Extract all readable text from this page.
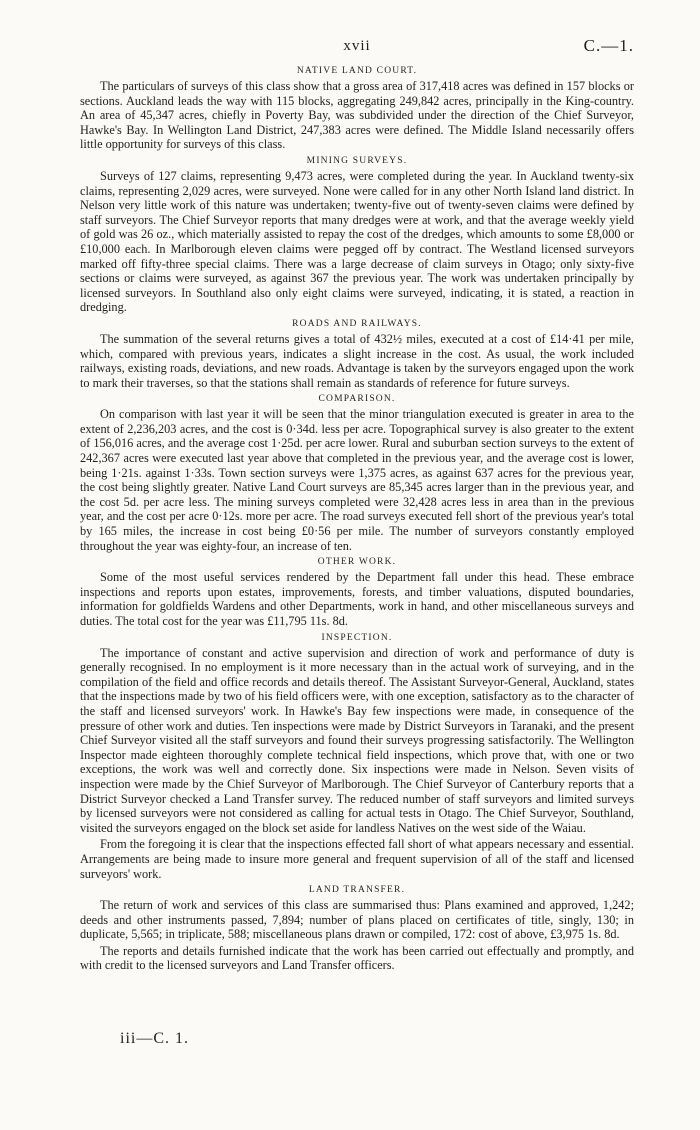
xvii	C.—1.
NATIVE LAND COURT.

The particulars of surveys of this class show that a gross area of 317,418 acres was defined in 157 blocks or sections. Auckland leads the way with 115 blocks, aggregating 249,842 acres, principally in the King-country. An area of 45,347 acres, chiefly in Poverty Bay, was subdivided under the direction of the Chief Surveyor, Hawke's Bay. In Wellington Land District, 247,383 acres were defined. The Middle Island necessarily offers little opportunity for surveys of this class.

MINING SURVEYS.

Surveys of 127 claims, representing 9,473 acres, were completed during the year. In Auckland twenty-six claims, representing 2,029 acres, were surveyed. None were called for in any other North Island land district. In Nelson very little work of this nature was undertaken; twenty-five out of twenty-seven claims were defined by staff surveyors. The Chief Surveyor reports that many dredges were at work, and that the average weekly yield of gold was 26 oz., which materially assisted to repay the cost of the dredges, which amounts to some £8,000 or £10,000 each. In Marlborough eleven claims were pegged off by contract. The Westland licensed surveyors marked off fifty-three special claims. There was a large decrease of claim surveys in Otago; only sixty-five sections or claims were surveyed, as against 367 the previous year. The work was undertaken principally by licensed surveyors. In Southland also only eight claims were surveyed, indicating, it is stated, a reaction in dredging.

ROADS AND RAILWAYS.

The summation of the several returns gives a total of 432½ miles, executed at a cost of £14·41 per mile, which, compared with previous years, indicates a slight increase in the cost. As usual, the work included railways, existing roads, deviations, and new roads. Advantage is taken by the surveyors engaged upon the work to mark their traverses, so that the stations shall remain as standards of reference for future surveys.

COMPARISON.

On comparison with last year it will be seen that the minor triangulation executed is greater in area to the extent of 2,236,203 acres, and the cost is 0·34d. less per acre. Topographical survey is also greater to the extent of 156,016 acres, and the average cost 1·25d. per acre lower. Rural and suburban section surveys to the extent of 242,367 acres were executed last year above that completed in the previous year, and the average cost is lower, being 1·21s. against 1·33s. Town section surveys were 1,375 acres, as against 637 acres for the previous year, the cost being slightly greater. Native Land Court surveys are 85,345 acres larger than in the previous year, and the cost 5d. per acre less. The mining surveys completed were 32,428 acres less in area than in the previous year, and the cost per acre 0·12s. more per acre. The road surveys executed fell short of the previous year's total by 165 miles, the increase in cost being £0·56 per mile. The number of surveyors constantly employed throughout the year was eighty-four, an increase of ten.

OTHER WORK.

Some of the most useful services rendered by the Department fall under this head. These embrace inspections and reports upon estates, improvements, forests, and timber valuations, disputed boundaries, information for goldfields Wardens and other Departments, work in hand, and other miscellaneous surveys and duties. The total cost for the year was £11,795 11s. 8d.

INSPECTION.

The importance of constant and active supervision and direction of work and performance of duty is generally recognised. In no employment is it more necessary than in the actual work of surveying, and in the compilation of the field and office records and details thereof. The Assistant Surveyor-General, Auckland, states that the inspections made by two of his field officers were, with one exception, satisfactory as to the character of the staff and licensed surveyors' work. In Hawke's Bay few inspections were made, in consequence of the pressure of other work and duties. Ten inspections were made by District Surveyors in Taranaki, and the present Chief Surveyor visited all the staff surveyors and found their surveys progressing satisfactorily. The Wellington Inspector made eighteen thoroughly complete technical field inspections, which prove that, with one or two exceptions, the work was well and correctly done. Six inspections were made in Nelson. Seven visits of inspection were made by the Chief Surveyor of Marlborough. The Chief Surveyor of Canterbury reports that a District Surveyor checked a Land Transfer survey. The reduced number of staff surveyors and limited surveys by licensed surveyors were not considered as calling for actual tests in Otago. The Chief Surveyor, Southland, visited the surveyors engaged on the block set aside for landless Natives on the west side of the Waiau.

From the foregoing it is clear that the inspections effected fall short of what appears necessary and essential. Arrangements are being made to insure more general and frequent supervision of all of the staff and licensed surveyors' work.

LAND TRANSFER.

The return of work and services of this class are summarised thus: Plans examined and approved, 1,242; deeds and other instruments passed, 7,894; number of plans placed on certificates of title, singly, 130; in duplicate, 5,565; in triplicate, 588; miscellaneous plans drawn or compiled, 172: cost of above, £3,975 1s. 8d.

The reports and details furnished indicate that the work has been carried out effectually and promptly, and with credit to the licensed surveyors and Land Transfer officers.

iii—C. 1.
